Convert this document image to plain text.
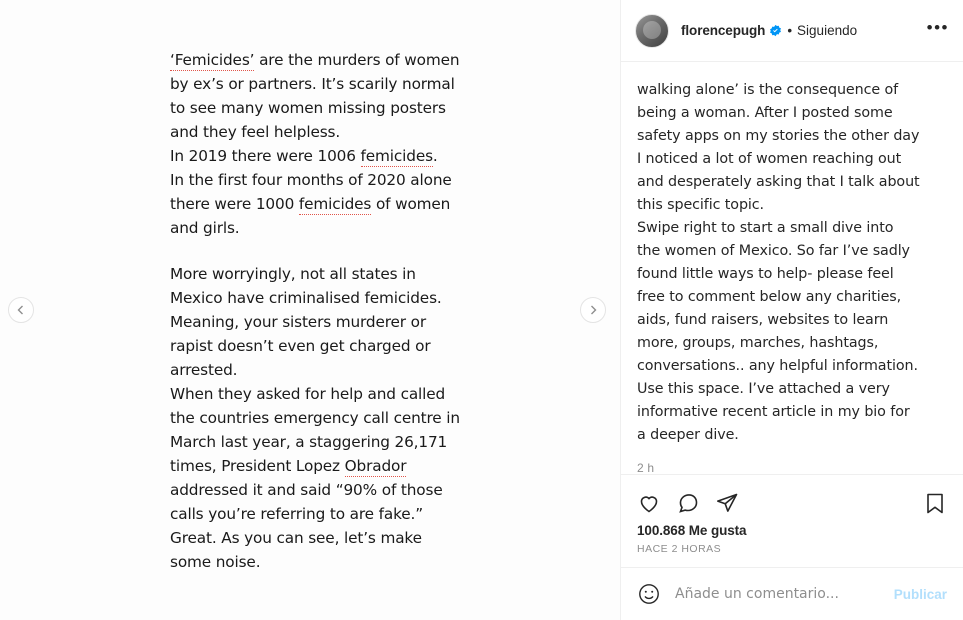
‘Femicides’ are the murders of women

by ex’s or partners. It’s scarily normal

to see many women missing posters

and they feel helpless.

In 2019 there were 1006 femicides.

In the first four months of 2020 alone

there were 1000 femicides of women

and girls.

More worryingly, not all states in

Mexico have criminalised femicides.

Meaning, your sisters murderer or

rapist doesn’t even get charged or

arrested.

When they asked for help and called

the countries emergency call centre in

March last year, a staggering 26,171

times, President Lopez Obrador

addressed it and said “90% of those

calls you’re referring to are fake.”

Great. As you can see, let’s make

some noise.

florencepugh • Siguiendo	•••

walking alone’ is the consequence of

being a woman. After I posted some

safety apps on my stories the other day

I noticed a lot of women reaching out

and desperately asking that I talk about

this specific topic.

Swipe right to start a small dive into

the women of Mexico. So far I’ve sadly

found little ways to help- please feel

free to comment below any charities,

aids, fund raisers, websites to learn

more, groups, marches, hashtags,

conversations.. any helpful information.

Use this space. I’ve attached a very

informative recent article in my bio for

a deeper dive.

2 h
100.868 Me gusta
HACE 2 HORAS
Añade un comentario...
Publicar
